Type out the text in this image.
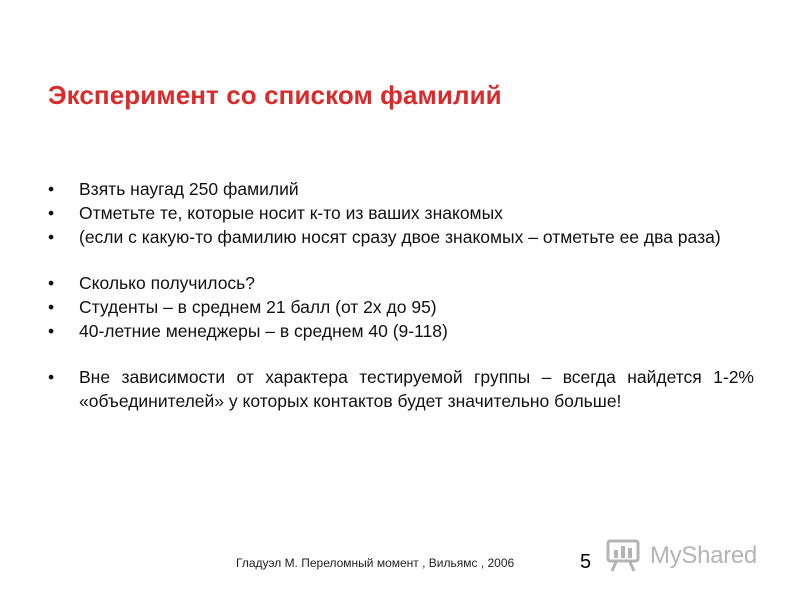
Эксперимент со списком фамилий
• Взять наугад 250 фамилий
• Отметьте те, которые носит к-то из ваших знакомых
• (если с какую-то фамилию носят сразу двое знакомых – отметьте ее два раза)
• Сколько получилось?
• Студенты – в среднем 21 балл (от 2х до 95)
• 40-летние менеджеры – в среднем 40 (9-118)
• Вне зависимости от характера тестируемой группы – всегда найдется 1-2% «объединителей» у которых контактов будет значительно больше!
Гладуэл М. Переломный момент , Вильямс , 2006	5 MyShared
